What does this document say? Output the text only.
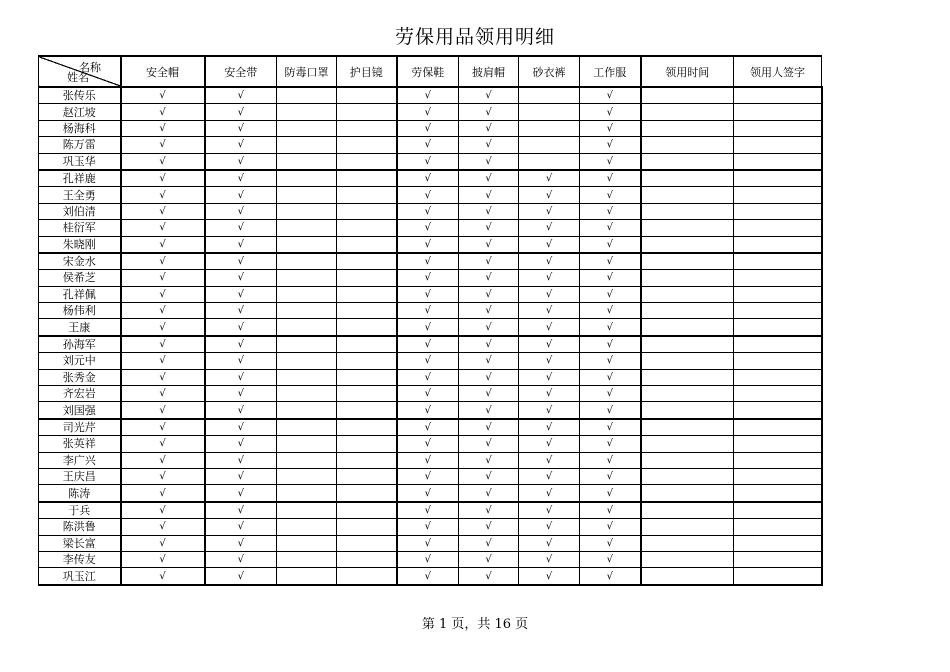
劳保用品领用明细
名称
姓名	安全帽	安全带	防毒口罩	护目镜	劳保鞋	披肩帽	砂衣裤	工作服	领用时间	领用人签字
张传乐	√	√			√	√		√		
赵江坡	√	√			√	√		√		
杨海科	√	√			√	√		√		
陈万雷	√	√			√	√		√		
巩玉华	√	√			√	√		√		
孔祥鹿	√	√			√	√	√	√		
王全勇	√	√			√	√	√	√		
刘伯清	√	√			√	√	√	√		
桂衍军	√	√			√	√	√	√		
朱晓刚	√	√			√	√	√	√		
宋金水	√	√			√	√	√	√		
侯希芝	√	√			√	√	√	√		
孔祥佩	√	√			√	√	√	√		
杨伟利	√	√			√	√	√	√		
王康	√	√			√	√	√	√		
孙海军	√	√			√	√	√	√		
刘元中	√	√			√	√	√	√		
张秀金	√	√			√	√	√	√		
齐宏岩	√	√			√	√	√	√		
刘国强	√	√			√	√	√	√		
司光芹	√	√			√	√	√	√		
张英祥	√	√			√	√	√	√		
李广兴	√	√			√	√	√	√		
王庆昌	√	√			√	√	√	√		
陈涛	√	√			√	√	√	√		
于兵	√	√			√	√	√	√		
陈洪鲁	√	√			√	√	√	√		
梁长富	√	√			√	√	√	√		
李传友	√	√			√	√	√	√		
巩玉江	√	√			√	√	√	√		
第 1 页，共 16 页
